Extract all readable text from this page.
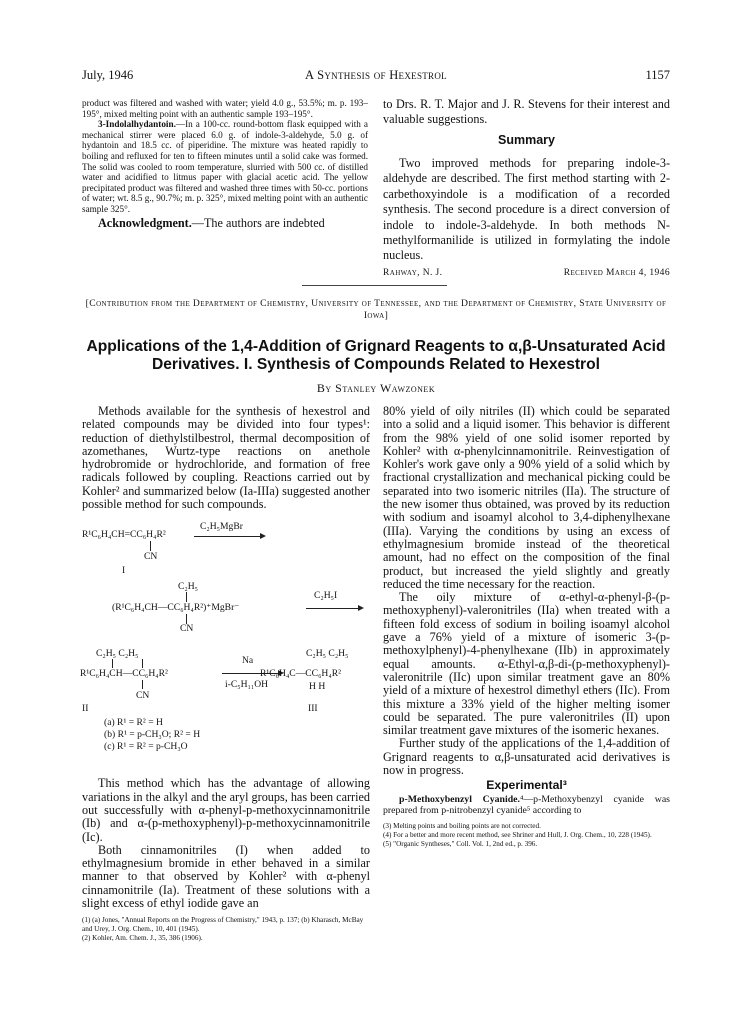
July, 1946	A Synthesis of Hexestrol	1157

product was filtered and washed with water; yield 4.0 g., 53.5%; m. p. 193–195°, mixed melting point with an authentic sample 193–195°.

3-Indolalhydantoin.—In a 100-cc. round-bottom flask equipped with a mechanical stirrer were placed 6.0 g. of indole-3-aldehyde, 5.0 g. of hydantoin and 18.5 cc. of piperidine. The mixture was heated rapidly to boiling and refluxed for ten to fifteen minutes until a solid cake was formed. The solid was cooled to room temperature, slurried with 500 cc. of distilled water and acidified to litmus paper with glacial acetic acid. The yellow precipitated product was filtered and washed three times with 50-cc. portions of water; wt. 8.5 g., 90.7%; m. p. 325°, mixed melting point with an authentic sample 325°.

Acknowledgment.—The authors are indebted

to Drs. R. T. Major and J. R. Stevens for their interest and valuable suggestions.

Summary

Two improved methods for preparing indole-3-aldehyde are described. The first method starting with 2-carbethoxyindole is a modification of a recorded synthesis. The second procedure is a direct conversion of indole to indole-3-aldehyde. In both methods N-methylformanilide is utilized in formylating the indole nucleus.

Rahway, N. J.	Received March 4, 1946
[Contribution from the Department of Chemistry, University of Tennessee, and the Department of Chemistry, State University of Iowa]
Applications of the 1,4-Addition of Grignard Reagents to α,β-Unsaturated Acid Derivatives. I. Synthesis of Compounds Related to Hexestrol
By Stanley Wawzonek

Methods available for the synthesis of hexestrol and related compounds may be divided into four types¹: reduction of diethylstilbestrol, thermal decomposition of azomethanes, Wurtz-type reactions on anethole hydrobromide or hydrochloride, and formation of free radicals followed by coupling. Reactions carried out by Kohler² and summarized below (Ia-IIIa) suggested another possible method for such compounds.

C₂H₅MgBr
R¹C₆H₄CH=CC₆H₄R²
CN
I
C₂H₅
(R¹C₆H₄CH—CC₆H₄R²)⁺MgBr⁻
C₂H₅I
CN
C₂H₅ C₂H₅
Na
C₂H₅ C₂H₅
R¹C₆H₄CH—CC₆H₄R²	R¹C₆H₄C—CC₆H₄R²
i-C₅H₁₁OH	H H
CN
II	III
(a) R¹ = R² = H
(b) R¹ = p-CH₃O; R² = H
(c) R¹ = R² = p-CH₃O

This method which has the advantage of allowing variations in the alkyl and the aryl groups, has been carried out successfully with α-phenyl-p-methoxycinnamonitrile (Ib) and α-(p-methoxyphenyl)-p-methoxycinnamonitrile (Ic).

Both cinnamonitriles (I) when added to ethylmagnesium bromide in ether behaved in a similar manner to that observed by Kohler² with α-phenyl cinnamonitrile (Ia). Treatment of these solutions with a slight excess of ethyl iodide gave an

(1) (a) Jones, "Annual Reports on the Progress of Chemistry," 1943, p. 137; (b) Kharasch, McBay and Urey, J. Org. Chem., 10, 401 (1945).

(2) Kohler, Am. Chem. J., 35, 386 (1906).

80% yield of oily nitriles (II) which could be separated into a solid and a liquid isomer. This behavior is different from the 98% yield of one solid isomer reported by Kohler² with α-phenylcinnamonitrile. Reinvestigation of Kohler's work gave only a 90% yield of a solid which by fractional crystallization and mechanical picking could be separated into two isomeric nitriles (IIa). The structure of the new isomer thus obtained, was proved by its reduction with sodium and isoamyl alcohol to 3,4-diphenylhexane (IIIa). Varying the conditions by using an excess of ethylmagnesium bromide instead of the theoretical amount, had no effect on the composition of the final product, but increased the yield slightly and greatly reduced the time necessary for the reaction.

The oily mixture of α-ethyl-α-phenyl-β-(p-methoxyphenyl)-valeronitriles (IIa) when treated with a fifteen fold excess of sodium in boiling isoamyl alcohol gave a 76% yield of a mixture of isomeric 3-(p-methoxylphenyl)-4-phenylhexane (IIb) in approximately equal amounts. α-Ethyl-α,β-di-(p-methoxyphenyl)-valeronitrile (IIc) upon similar treatment gave an 80% yield of a mixture of hexestrol dimethyl ethers (IIc). From this mixture a 33% yield of the higher melting isomer could be separated. The pure valeronitriles (II) upon similar treatment gave mixtures of the isomeric hexanes.

Further study of the applications of the 1,4-addition of Grignard reagents to α,β-unsaturated acid derivatives is now in progress.

Experimental³

p-Methoxybenzyl Cyanide.⁴—p-Methoxybenzyl cyanide was prepared from p-nitrobenzyl cyanide⁵ according to

(3) Melting points and boiling points are not corrected.

(4) For a better and more recent method, see Shriner and Hull, J. Org. Chem., 10, 228 (1945).

(5) "Organic Syntheses," Coll. Vol. 1, 2nd ed., p. 396.
